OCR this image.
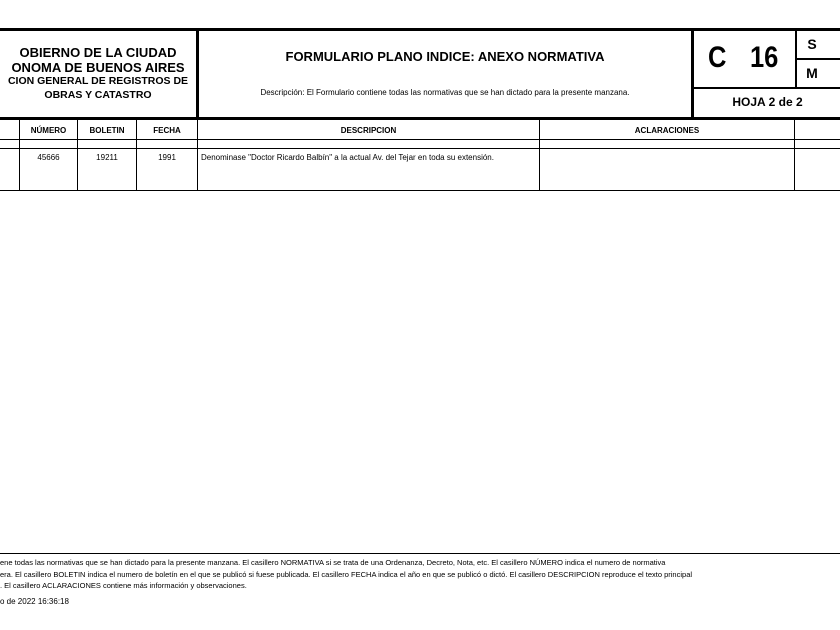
OBIERNO DE LA CIUDAD
ONOMA DE BUENOS AIRES
CION GENERAL DE REGISTROS DE
OBRAS Y CATASTRO
FORMULARIO PLANO INDICE: ANEXO NORMATIVA
Descripción: El Formulario contiene todas las normativas que se han dictado para la presente manzana.
C 16	S
M
HOJA 2 de 2
NÚMERO	BOLETIN	FECHA	DESCRIPCION	ACLARACIONES
45666	19211	1991	Denominase "Doctor Ricardo Balbín" a la actual Av. del Tejar en toda su extensión.
ene todas las normativas que se han dictado para la presente manzana. El casillero NORMATIVA si se trata de una Ordenanza, Decreto, Nota, etc. El casillero NÚMERO indica el numero de normativa
era. El casillero BOLETIN indica el numero de boletín en el que se publicó si fuese publicada. El casillero FECHA indica el año en que se publicó o dictó. El casillero DESCRIPCION reproduce el texto principal
. El casillero ACLARACIONES contiene más información y observaciones.
o de 2022 16:36:18
